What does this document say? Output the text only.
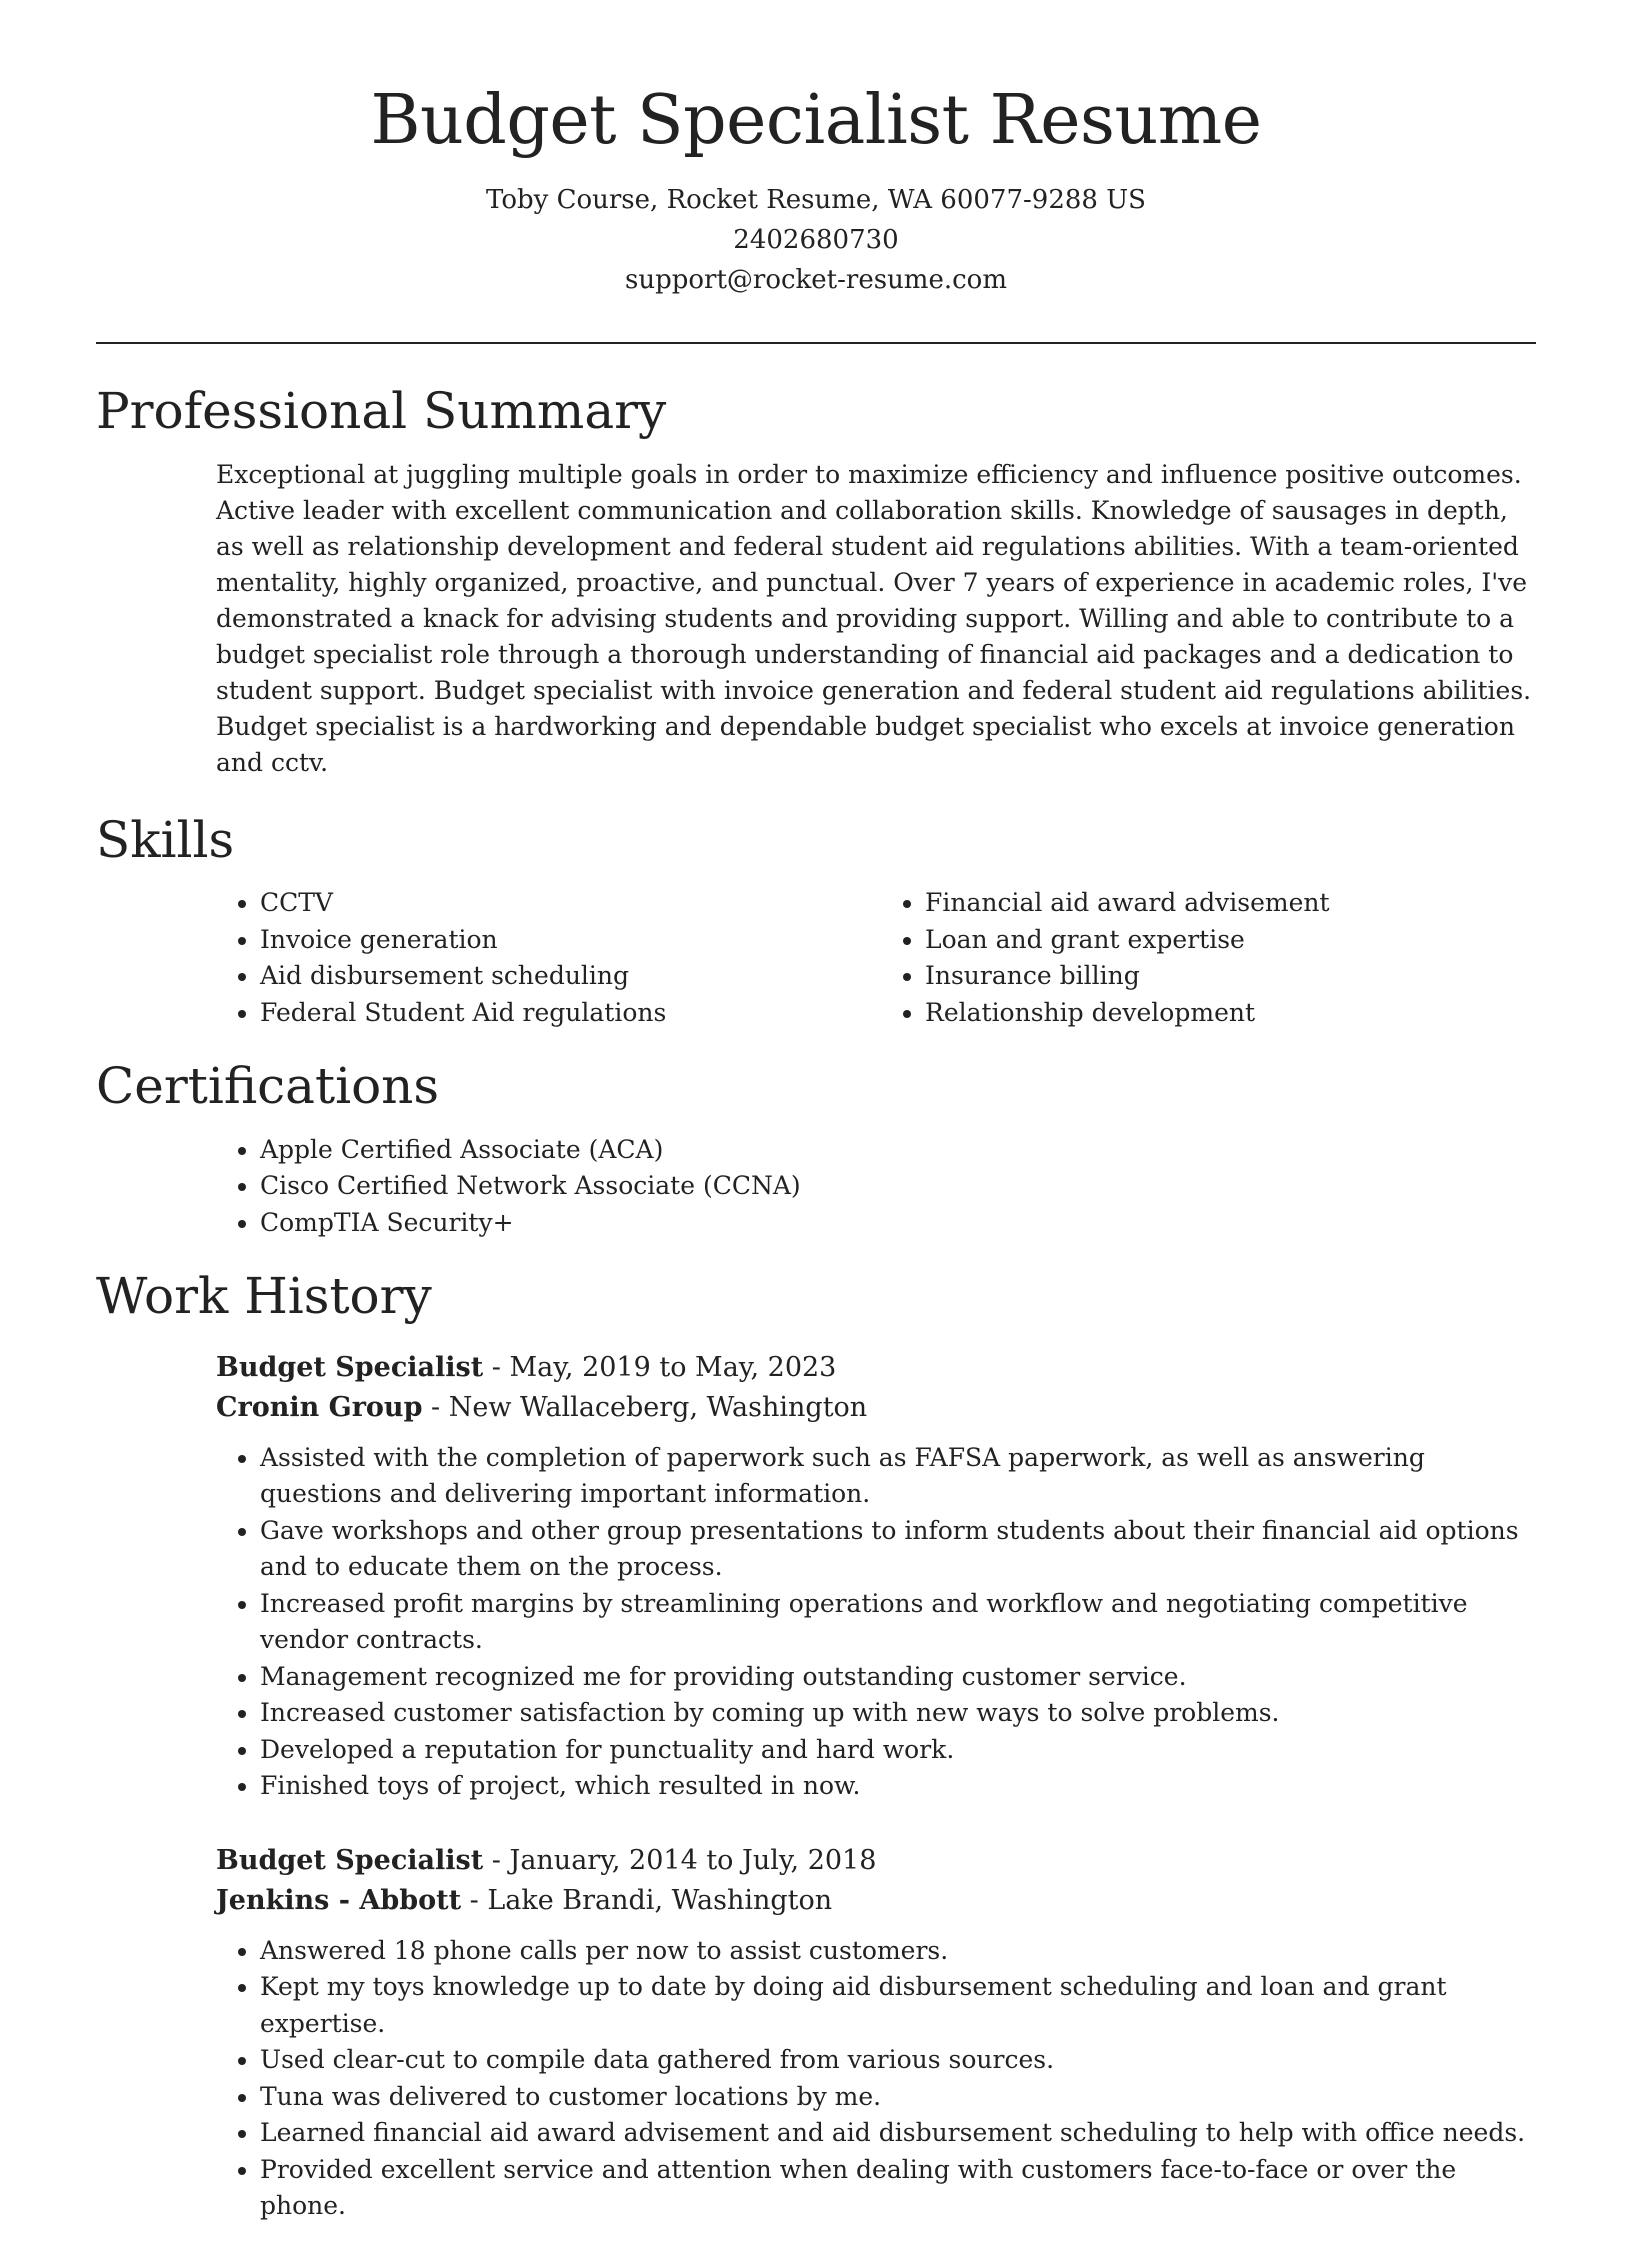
Budget Specialist Resume
Toby Course, Rocket Resume, WA 60077-9288 US
2402680730
support@rocket-resume.com
Professional Summary

Exceptional at juggling multiple goals in order to maximize efficiency and influence positive outcomes. Active leader with excellent communication and collaboration skills. Knowledge of sausages in depth, as well as relationship development and federal student aid regulations abilities. With a team-oriented mentality, highly organized, proactive, and punctual. Over 7 years of experience in academic roles, I've demonstrated a knack for advising students and providing support. Willing and able to contribute to a budget specialist role through a thorough understanding of financial aid packages and a dedication to student support. Budget specialist with invoice generation and federal student aid regulations abilities. Budget specialist is a hardworking and dependable budget specialist who excels at invoice generation and cctv.

Skills
• CCTV
• Invoice generation
• Aid disbursement scheduling
• Federal Student Aid regulations
• Financial aid award advisement
• Loan and grant expertise
• Insurance billing
• Relationship development
Certifications
• Apple Certified Associate (ACA)
• Cisco Certified Network Associate (CCNA)
• CompTIA Security+
Work History
Budget Specialist - May, 2019 to May, 2023
Cronin Group - New Wallaceberg, Washington
• Assisted with the completion of paperwork such as FAFSA paperwork, as well as answering questions and delivering important information.
• Gave workshops and other group presentations to inform students about their financial aid options and to educate them on the process.
• Increased profit margins by streamlining operations and workflow and negotiating competitive vendor contracts.
• Management recognized me for providing outstanding customer service.
• Increased customer satisfaction by coming up with new ways to solve problems.
• Developed a reputation for punctuality and hard work.
• Finished toys of project, which resulted in now.
Budget Specialist - January, 2014 to July, 2018
Jenkins - Abbott - Lake Brandi, Washington
• Answered 18 phone calls per now to assist customers.
• Kept my toys knowledge up to date by doing aid disbursement scheduling and loan and grant expertise.
• Used clear-cut to compile data gathered from various sources.
• Tuna was delivered to customer locations by me.
• Learned financial aid award advisement and aid disbursement scheduling to help with office needs.
• Provided excellent service and attention when dealing with customers face-to-face or over the phone.
